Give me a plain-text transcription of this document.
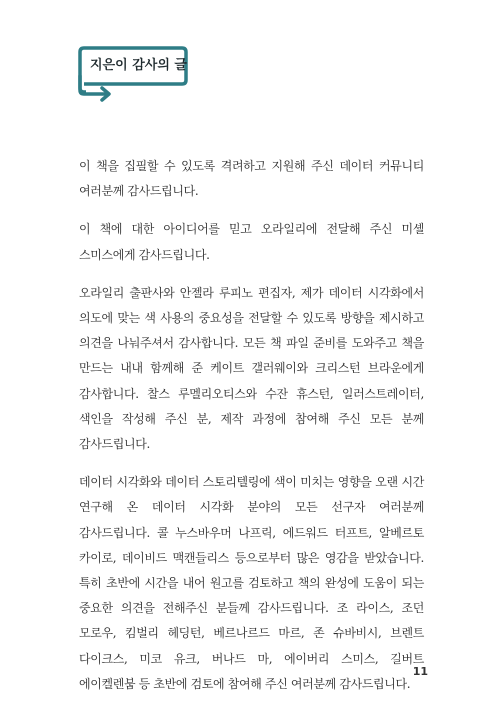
지은이 감사의 글

이 책을 집필할 수 있도록 격려하고 지원해 주신 데이터 커뮤니티 여러분께 감사드립니다.

이 책에 대한 아이디어를 믿고 오라일리에 전달해 주신 미셸 스미스에게 감사드립니다.

오라일리 출판사와 안젤라 루피노 편집자, 제가 데이터 시각화에서 의도에 맞는 색 사용의 중요성을 전달할 수 있도록 방향을 제시하고 의견을 나눠주셔서 감사합니다. 모든 책 파일 준비를 도와주고 책을 만드는 내내 함께해 준 케이트 갤러웨이와 크리스턴 브라운에게 감사합니다. 찰스 루멜리오티스와 수잔 휴스턴, 일러스트레이터, 색인을 작성해 주신 분, 제작 과정에 참여해 주신 모든 분께 감사드립니다.

데이터 시각화와 데이터 스토리텔링에 색이 미치는 영향을 오랜 시간 연구해 온 데이터 시각화 분야의 모든 선구자 여러분께 감사드립니다. 콜 누스바우머 나프릭, 에드워드 터프트, 알베르토 카이로, 데이비드 맥캔들리스 등으로부터 많은 영감을 받았습니다. 특히 초반에 시간을 내어 원고를 검토하고 책의 완성에 도움이 되는 중요한 의견을 전해주신 분들께 감사드립니다. 조 라이스, 조던 모로우, 킴벌리 헤딩턴, 베르나르드 마르, 존 슈바비시, 브렌트 다이크스, 미코 유크, 버나드 마, 에이버리 스미스, 길버트 에이켈렌붐 등 초반에 검토에 참여해 주신 여러분께 감사드립니다.

11
